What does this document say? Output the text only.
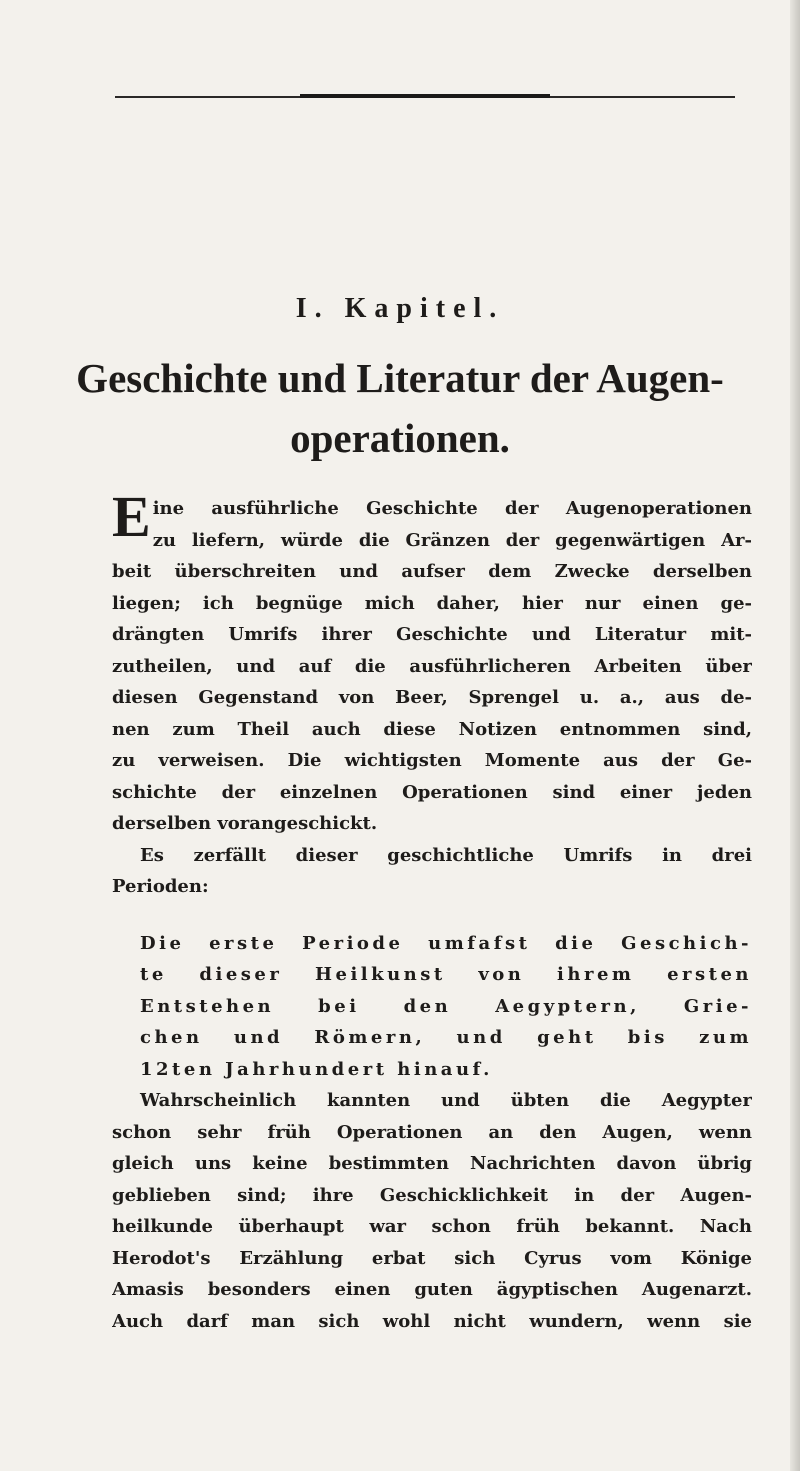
I. Kapitel.
Geschichte und Literatur der Augen-
operationen.
E ine ausführliche Geschichte der Augenoperationen
zu liefern, würde die Gränzen der gegenwärtigen Ar-
beit überschreiten und aufser dem Zwecke derselben
liegen; ich begnüge mich daher, hier nur einen ge-
drängten Umrifs ihrer Geschichte und Literatur mit-
zutheilen, und auf die ausführlicheren Arbeiten über
diesen Gegenstand von Beer, Sprengel u. a., aus de-
nen zum Theil auch diese Notizen entnommen sind,
zu verweisen. Die wichtigsten Momente aus der Ge-
schichte der einzelnen Operationen sind einer jeden
derselben vorangeschickt.
Es zerfällt dieser geschichtliche Umrifs in drei
Perioden:
Die erste Periode umfafst die Geschich-
te dieser Heilkunst von ihrem ersten
Entstehen bei den Aegyptern, Grie-
chen und Römern, und geht bis zum
12ten Jahrhundert hinauf.
Wahrscheinlich kannten und übten die Aegypter
schon sehr früh Operationen an den Augen, wenn
gleich uns keine bestimmten Nachrichten davon übrig
geblieben sind; ihre Geschicklichkeit in der Augen-
heilkunde überhaupt war schon früh bekannt. Nach
Herodot's Erzählung erbat sich Cyrus vom Könige
Amasis besonders einen guten ägyptischen Augenarzt.
Auch darf man sich wohl nicht wundern, wenn sie
